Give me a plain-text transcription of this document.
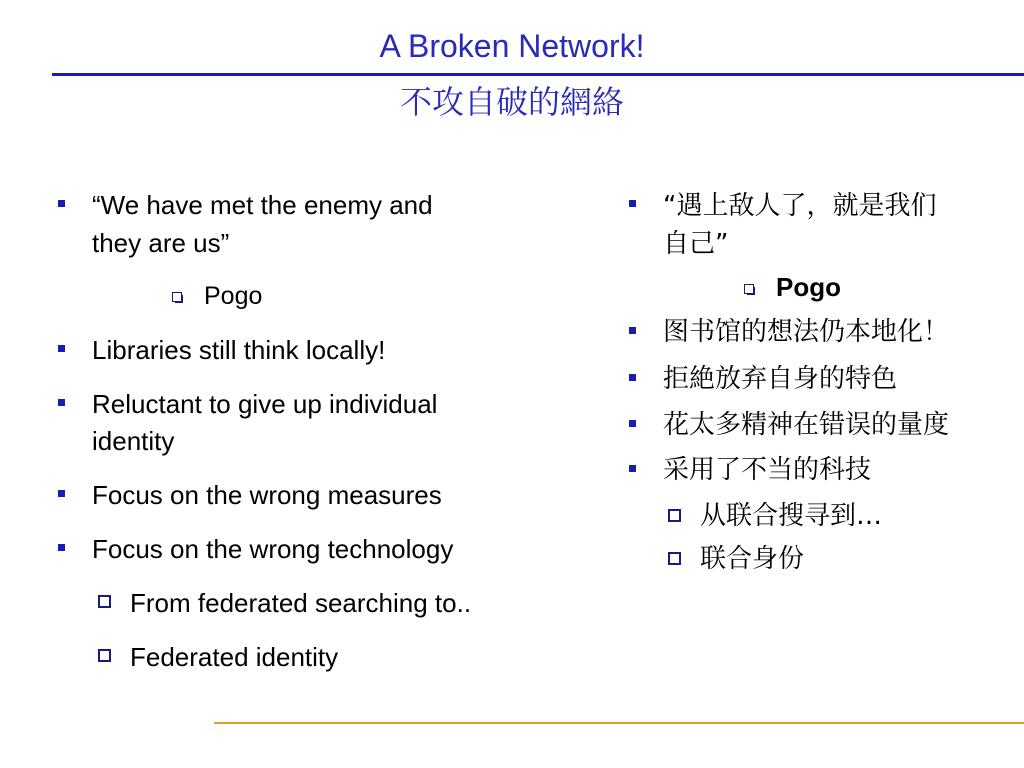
A Broken Network!
不攻自破的網絡
“We have met the enemy and
they are us”
Pogo
Libraries still think locally!
Reluctant to give up individual
identity
Focus on the wrong measures
Focus on the wrong technology
From federated searching to..
Federated identity
“遇上敌人了，就是我们
自己”
Pogo
图书馆的想法仍本地化！
拒絶放弃自身的特色
花太多精神在错误的量度
采用了不当的科技
从联合搜寻到…
联合身份
